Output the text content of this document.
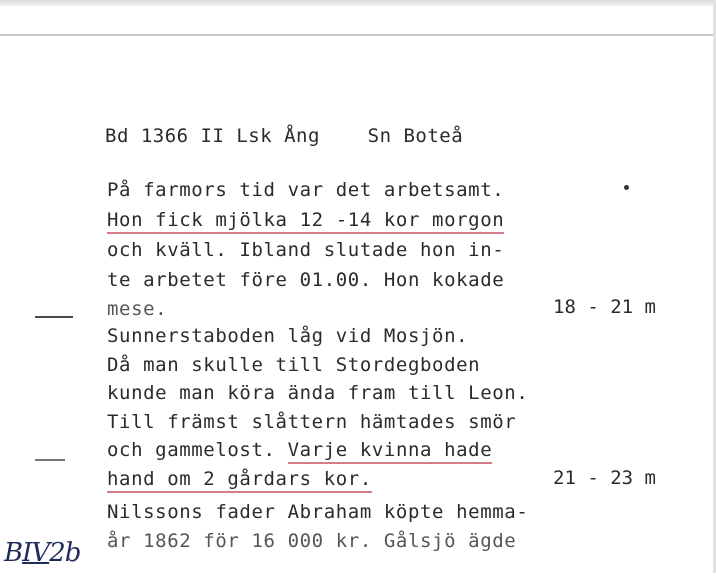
Bd 1366 II Lsk Ång    Sn Boteå
På farmors tid var det arbetsamt.
Hon fick mjölka 12 -14 kor morgon
och kväll. Ibland slutade hon in-
te arbetet före 01.00. Hon kokade
mese.
Sunnerstaboden låg vid Mosjön.
Då man skulle till Stordegboden
kunde man köra ända fram till Leon.
Till främst slåttern hämtades smör
och gammelost. Varje kvinna hade
hand om 2 gårdars kor.
Nilssons fader Abraham köpte hemma-
år 1862 för 16 000 kr. Gålsjö ägde

18 - 21 m
21 - 23 m
BIV2b
